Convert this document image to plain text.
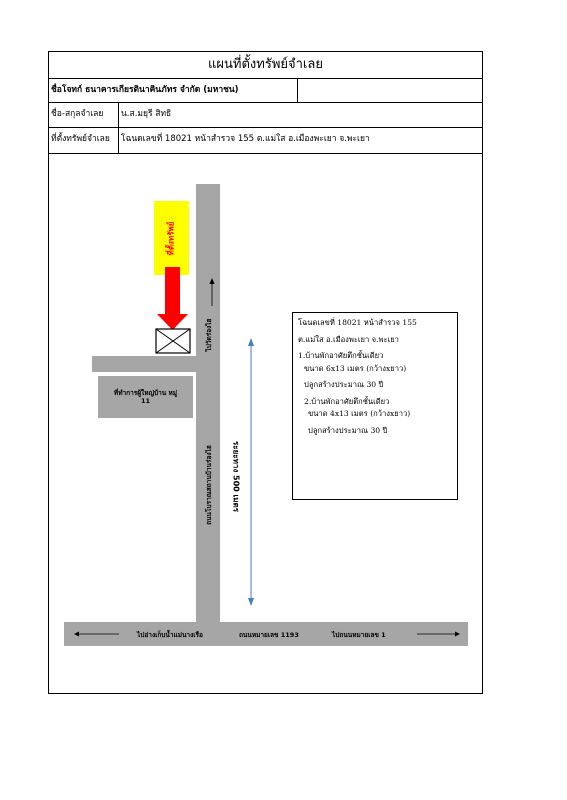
แผนที่ตั้งทรัพย์จำเลย
ชื่อโจทก์ ธนาคารเกียรตินาคินภัทร จำกัด (มหาชน)
ชื่อ-สกุลจำเลย	น.ส.มยุรี สิทธิ
ที่ตั้งทรัพย์จำเลย	โฉนดเลขที่ 18021 หน้าสำรวจ 155 ต.แม่ใส อ.เมืองพะเยา จ.พะเยา
ที่ทำการผู้ใหญ่บ้าน หมู่
11
ที่ตั้งทรัพย์
ไปวัดร่องไฮ
ถนนโบราณสถานบ้านร่องไฮ ระยะทาง 500 เมตร
ไปอ่างเก็บน้ำแม่นางเรือ	ถนนหมายเลข 1193	ไปถนนหมายเลข 1
โฉนดเลขที่ 18021 หน้าสำรวจ 155
ต.แม่ใส อ.เมืองพะเยา จ.พะเยา
1.บ้านพักอาศัยตึกชั้นเดียว
ขนาด 6x13 เมตร (กว้างxยาว)
ปลูกสร้างประมาณ 30 ปี
2.บ้านพักอาศัยตึกชั้นเดียว
ขนาด 4x13 เมตร (กว้างxยาว)
ปลูกสร้างประมาณ 30 ปี
